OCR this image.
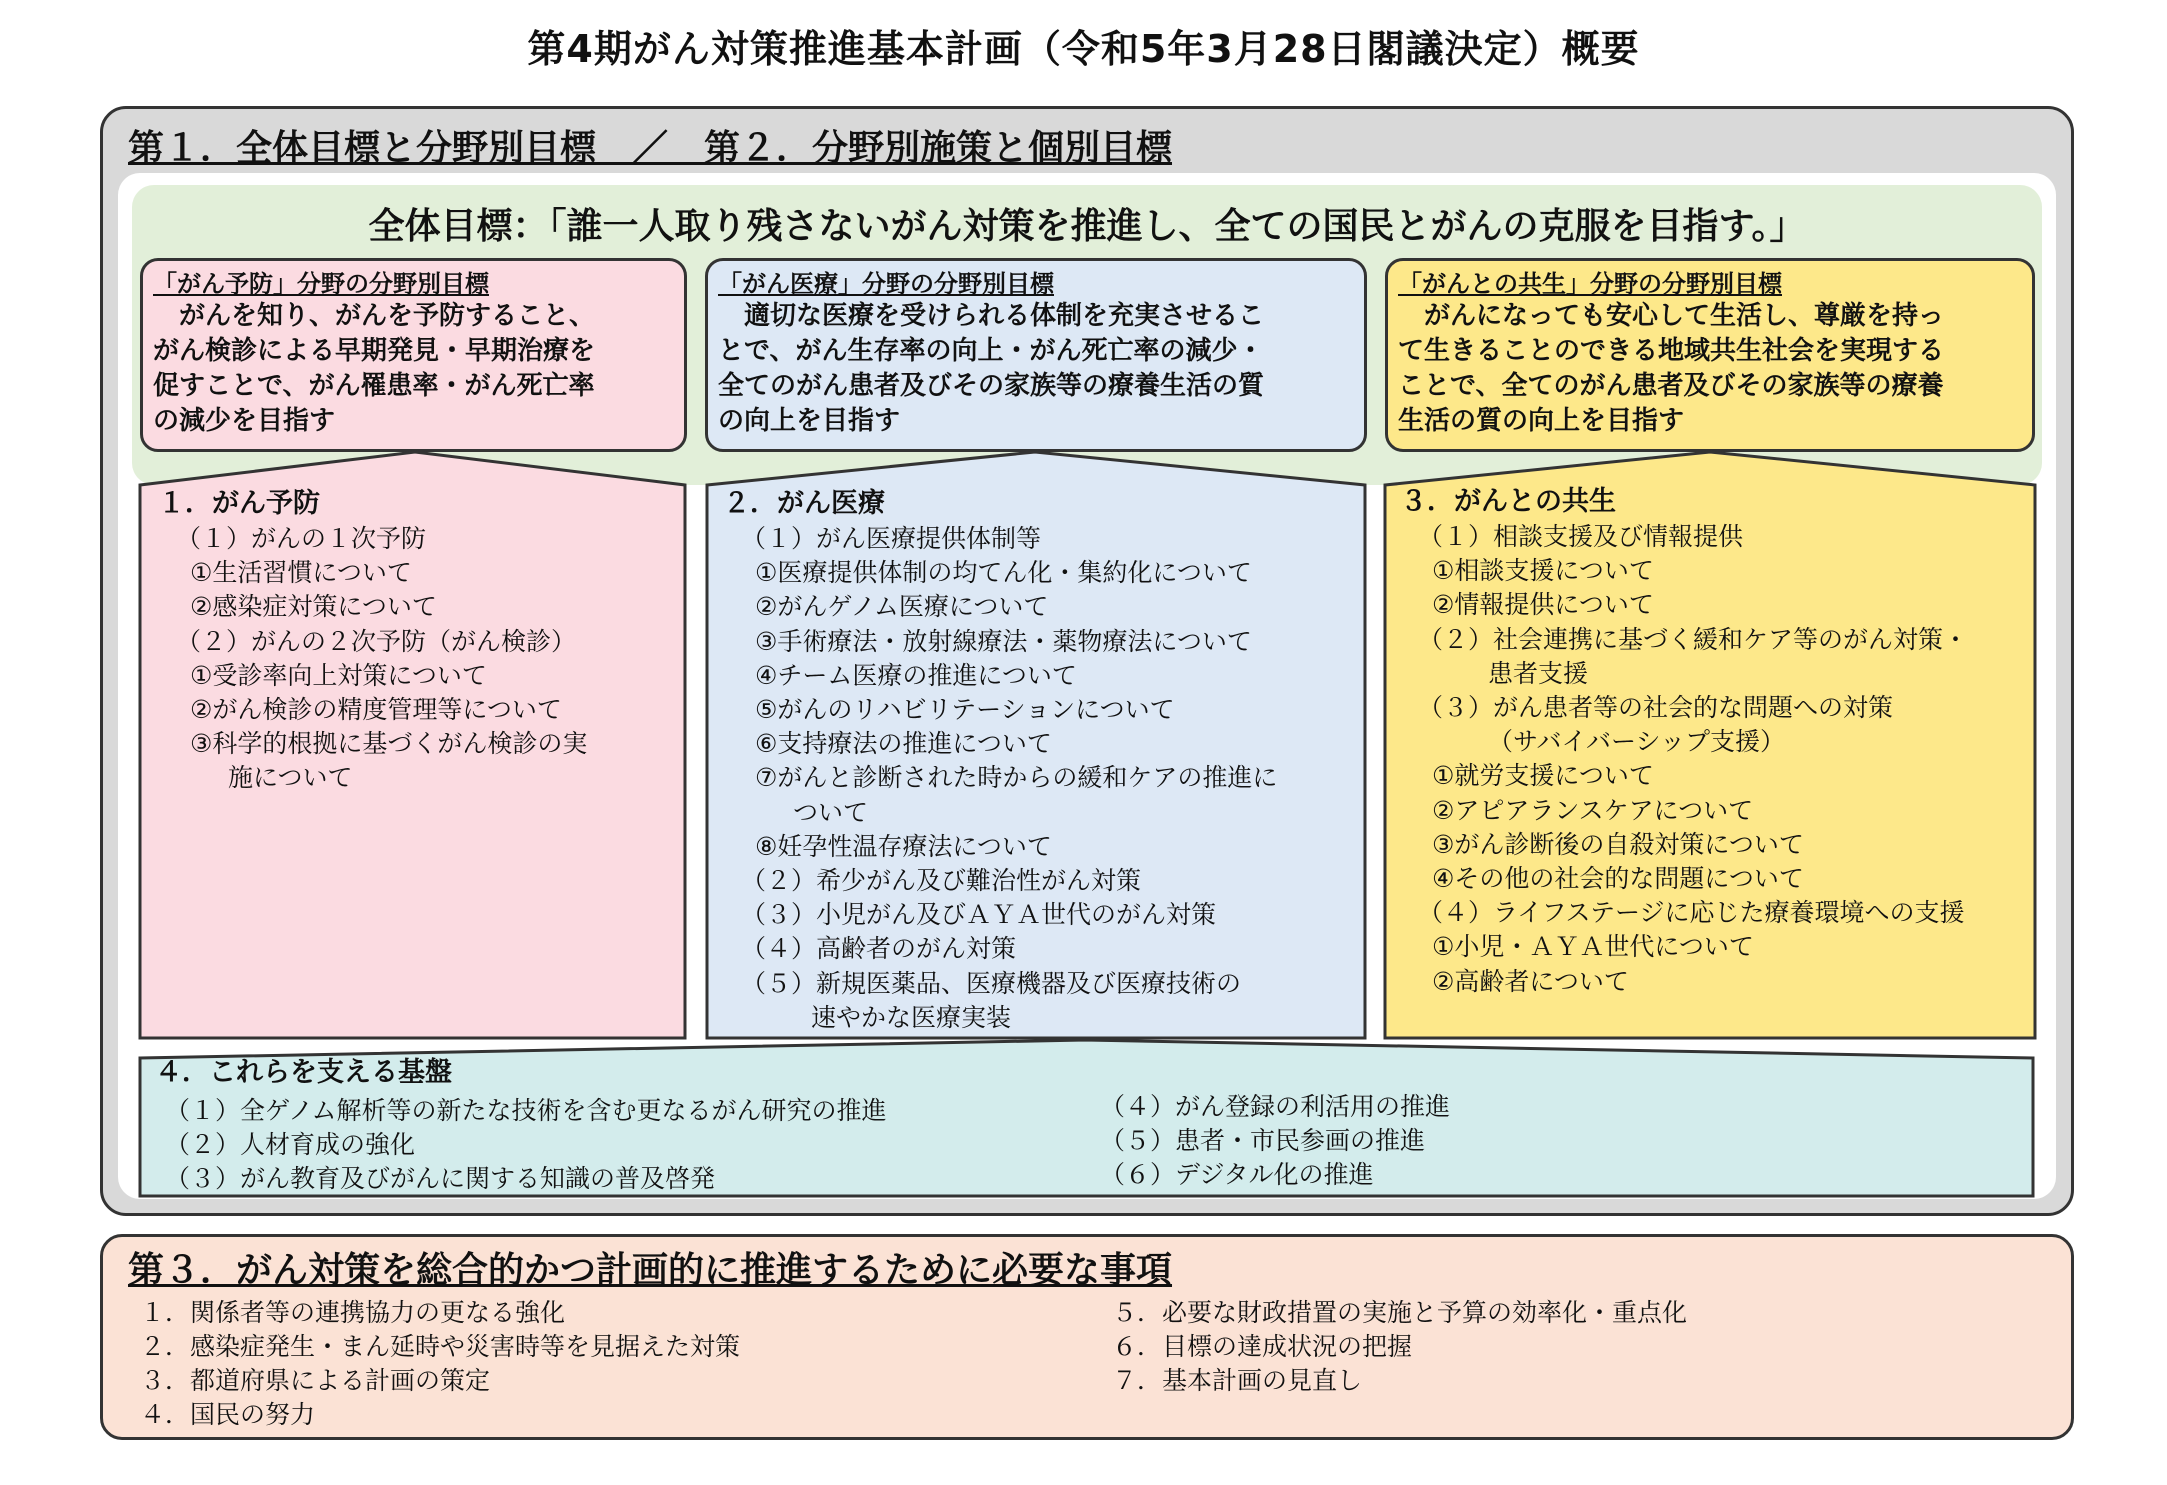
第4期がん対策推進基本計画（令和5年3月28日閣議決定）概要
第１．全体目標と分野別目標　／　第２．分野別施策と個別目標
全体目標：「誰一人取り残さないがん対策を推進し、全ての国民とがんの克服を目指す。」
「がん予防」分野の分野別目標
　がんを知り、がんを予防すること、
がん検診による早期発見・早期治療を
促すことで、がん罹患率・がん死亡率
の減少を目指す
「がん医療」分野の分野別目標
　適切な医療を受けられる体制を充実させるこ
とで、がん生存率の向上・がん死亡率の減少・
全てのがん患者及びその家族等の療養生活の質
の向上を目指す
「がんとの共生」分野の分野別目標
　がんになっても安心して生活し、尊厳を持っ
て生きることのできる地域共生社会を実現する
ことで、全てのがん患者及びその家族等の療養
生活の質の向上を目指す
１．がん予防
（１）がんの１次予防
①生活習慣について
②感染症対策について
（２）がんの２次予防（がん検診）
①受診率向上対策について
②がん検診の精度管理等について
③科学的根拠に基づくがん検診の実
施について
２．がん医療
（１）がん医療提供体制等
①医療提供体制の均てん化・集約化について
②がんゲノム医療について
③手術療法・放射線療法・薬物療法について
④チーム医療の推進について
⑤がんのリハビリテーションについて
⑥支持療法の推進について
⑦がんと診断された時からの緩和ケアの推進に
ついて
⑧妊孕性温存療法について
（２）希少がん及び難治性がん対策
（３）小児がん及びＡＹＡ世代のがん対策
（４）高齢者のがん対策
（５）新規医薬品、医療機器及び医療技術の
速やかな医療実装
３．がんとの共生
（１）相談支援及び情報提供
①相談支援について
②情報提供について
（２）社会連携に基づく緩和ケア等のがん対策・
患者支援
（３）がん患者等の社会的な問題への対策
（サバイバーシップ支援）
①就労支援について
②アピアランスケアについて
③がん診断後の自殺対策について
④その他の社会的な問題について
（４）ライフステージに応じた療養環境への支援
①小児・ＡＹＡ世代について
②高齢者について
４．これらを支える基盤
（１）全ゲノム解析等の新たな技術を含む更なるがん研究の推進
（２）人材育成の強化
（３）がん教育及びがんに関する知識の普及啓発
（４）がん登録の利活用の推進
（５）患者・市民参画の推進
（６）デジタル化の推進
第３．がん対策を総合的かつ計画的に推進するために必要な事項
１．関係者等の連携協力の更なる強化
２．感染症発生・まん延時や災害時等を見据えた対策
３．都道府県による計画の策定
４．国民の努力
５．必要な財政措置の実施と予算の効率化・重点化
６．目標の達成状況の把握
７．基本計画の見直し
